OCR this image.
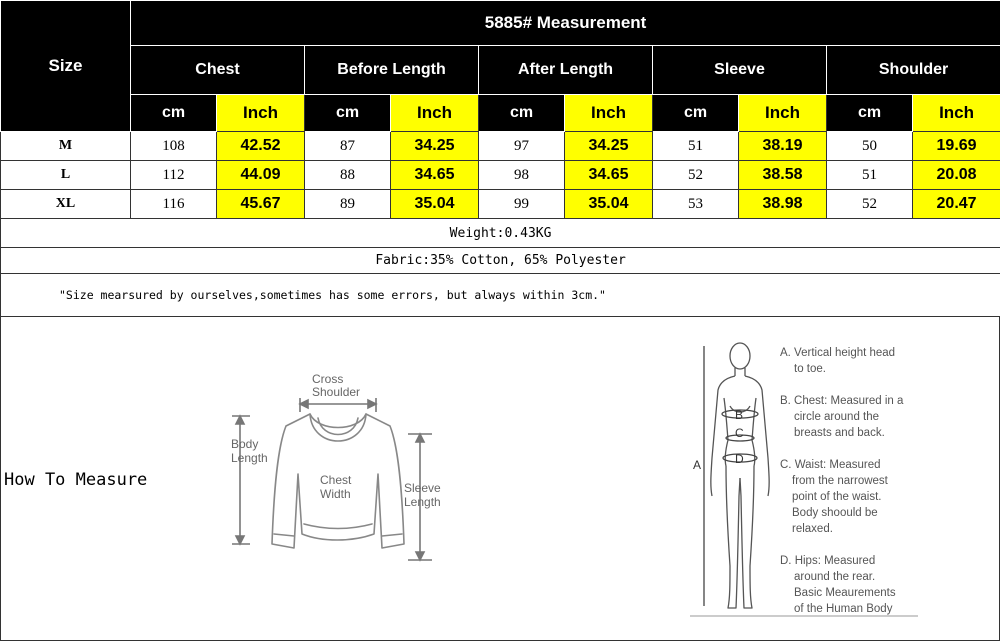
Size	5885# Measurement									
	Chest		Before Length		After Length		Sleeve		Shoulder	
	cm	Inch	cm	Inch	cm	Inch	cm	Inch	cm	Inch
M	108	42.52	87	34.25	97	34.25	51	38.19	50	19.69
L	112	44.09	88	34.65	98	34.65	52	38.58	51	20.08
XL	116	45.67	89	35.04	99	35.04	53	38.98	52	20.47
Weight:0.43KG										
Fabric:35% Cotton, 65% Polyester										
"Size mearsured by ourselves,sometimes has some errors, but always within 3cm."										
How To Measure
Cross
Shoulder
Body
Length
Chest
Width	Sleeve
Length
B
C
D
A
A. Vertical height head
to toe.
B. Chest: Measured in a
circle around the
breasts and back.
C. Waist: Measured
from the narrowest
point of the waist.
Body shoould be
relaxed.
D. Hips: Measured
around the rear.
Basic Meaurements
of the Human Body
